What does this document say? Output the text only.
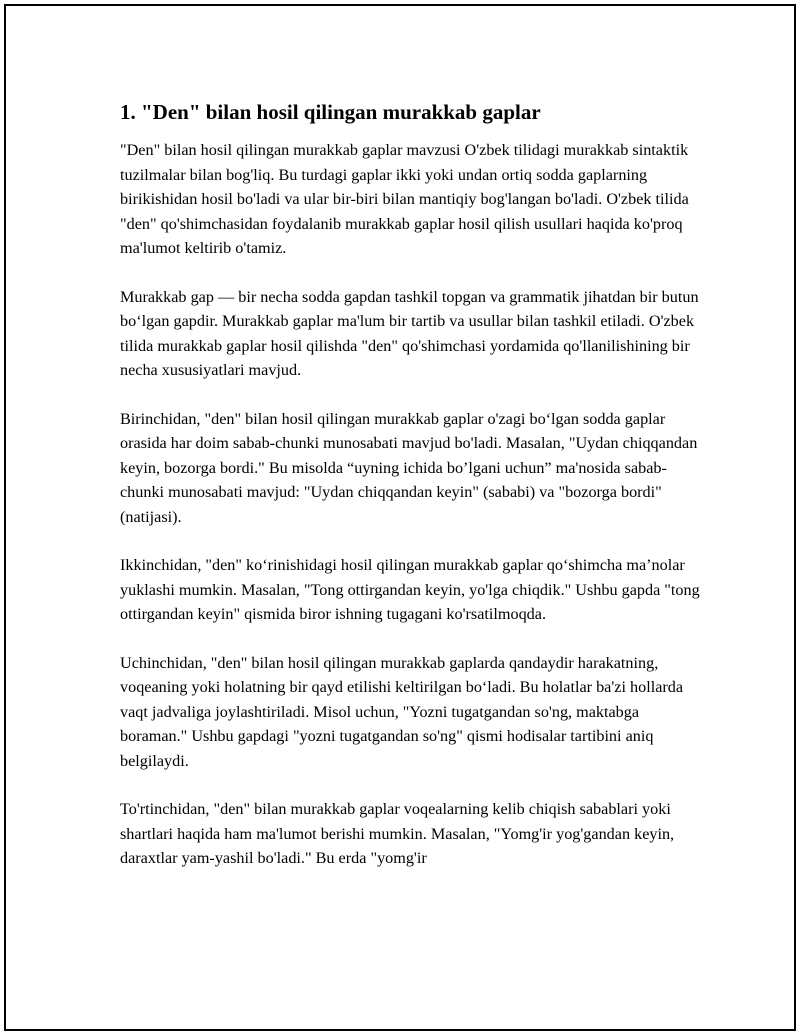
1. "Den" bilan hosil qilingan murakkab gaplar

"Den" bilan hosil qilingan murakkab gaplar mavzusi O'zbek tilidagi murakkab sintaktik tuzilmalar bilan bog'liq. Bu turdagi gaplar ikki yoki undan ortiq sodda gaplarning birikishidan hosil bo'ladi va ular bir-biri bilan mantiqiy bog'langan bo'ladi. O'zbek tilida "den" qo'shimchasidan foydalanib murakkab gaplar hosil qilish usullari haqida ko'proq ma'lumot keltirib o'tamiz.

Murakkab gap — bir necha sodda gapdan tashkil topgan va grammatik jihatdan bir butun bo‘lgan gapdir. Murakkab gaplar ma'lum bir tartib va usullar bilan tashkil etiladi. O'zbek tilida murakkab gaplar hosil qilishda "den" qo'shimchasi yordamida qo'llanilishining bir necha xususiyatlari mavjud.

Birinchidan, "den" bilan hosil qilingan murakkab gaplar o'zagi bo‘lgan sodda gaplar orasida har doim sabab-chunki munosabati mavjud bo'ladi. Masalan, "Uydan chiqqandan keyin, bozorga bordi." Bu misolda “uyning ichida bo’lgani uchun” ma'nosida sabab-chunki munosabati mavjud: "Uydan chiqqandan keyin" (sababi) va "bozorga bordi" (natijasi).

Ikkinchidan, "den" ko‘rinishidagi hosil qilingan murakkab gaplar qo‘shimcha ma’nolar yuklashi mumkin. Masalan, "Tong ottirgandan keyin, yo'lga chiqdik." Ushbu gapda "tong ottirgandan keyin" qismida biror ishning tugagani ko'rsatilmoqda.

Uchinchidan, "den" bilan hosil qilingan murakkab gaplarda qandaydir harakatning, voqeaning yoki holatning bir qayd etilishi keltirilgan bo‘ladi. Bu holatlar ba'zi hollarda vaqt jadvaliga joylashtiriladi. Misol uchun, "Yozni tugatgandan so'ng, maktabga boraman." Ushbu gapdagi "yozni tugatgandan so'ng" qismi hodisalar tartibini aniq belgilaydi.

To'rtinchidan, "den" bilan murakkab gaplar voqealarning kelib chiqish sabablari yoki shartlari haqida ham ma'lumot berishi mumkin. Masalan, "Yomg'ir yog'gandan keyin, daraxtlar yam-yashil bo'ladi." Bu erda "yomg'ir
